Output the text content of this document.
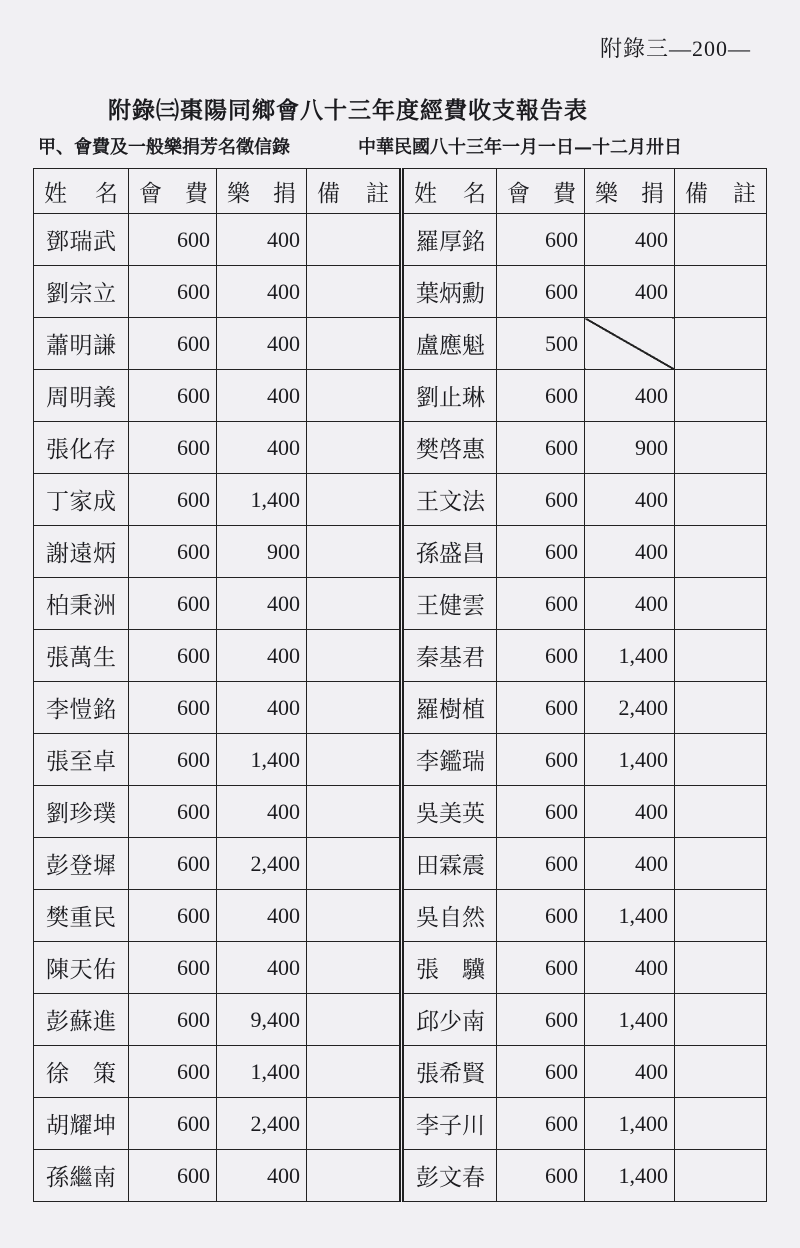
附錄三—200—
附錄㈢棗陽同鄉會八十三年度經費收支報告表
甲、會費及一般樂捐芳名徵信錄	中華民國八十三年一月一日—十二月卅日
姓　名	會　費	樂　捐	備　註	姓　名	會　費	樂　捐	備　註
鄧瑞武	600	400		羅厚銘	600	400	
劉宗立	600	400		葉炳勳	600	400	
蕭明謙	600	400		盧應魁	500		
周明義	600	400		劉止琳	600	400	
張化存	600	400		樊啓惠	600	900	
丁家成	600	1,400		王文法	600	400	
謝遠炳	600	900		孫盛昌	600	400	
柏秉洲	600	400		王健雲	600	400	
張萬生	600	400		秦基君	600	1,400	
李愷銘	600	400		羅樹植	600	2,400	
張至卓	600	1,400		李鑑瑞	600	1,400	
劉珍璞	600	400		吳美英	600	400	
彭登墀	600	2,400		田霖震	600	400	
樊重民	600	400		吳自然	600	1,400	
陳天佑	600	400		張　驥	600	400	
彭蘇進	600	9,400		邱少南	600	1,400	
徐　策	600	1,400		張希賢	600	400	
胡耀坤	600	2,400		李子川	600	1,400	
孫繼南	600	400		彭文春	600	1,400	
